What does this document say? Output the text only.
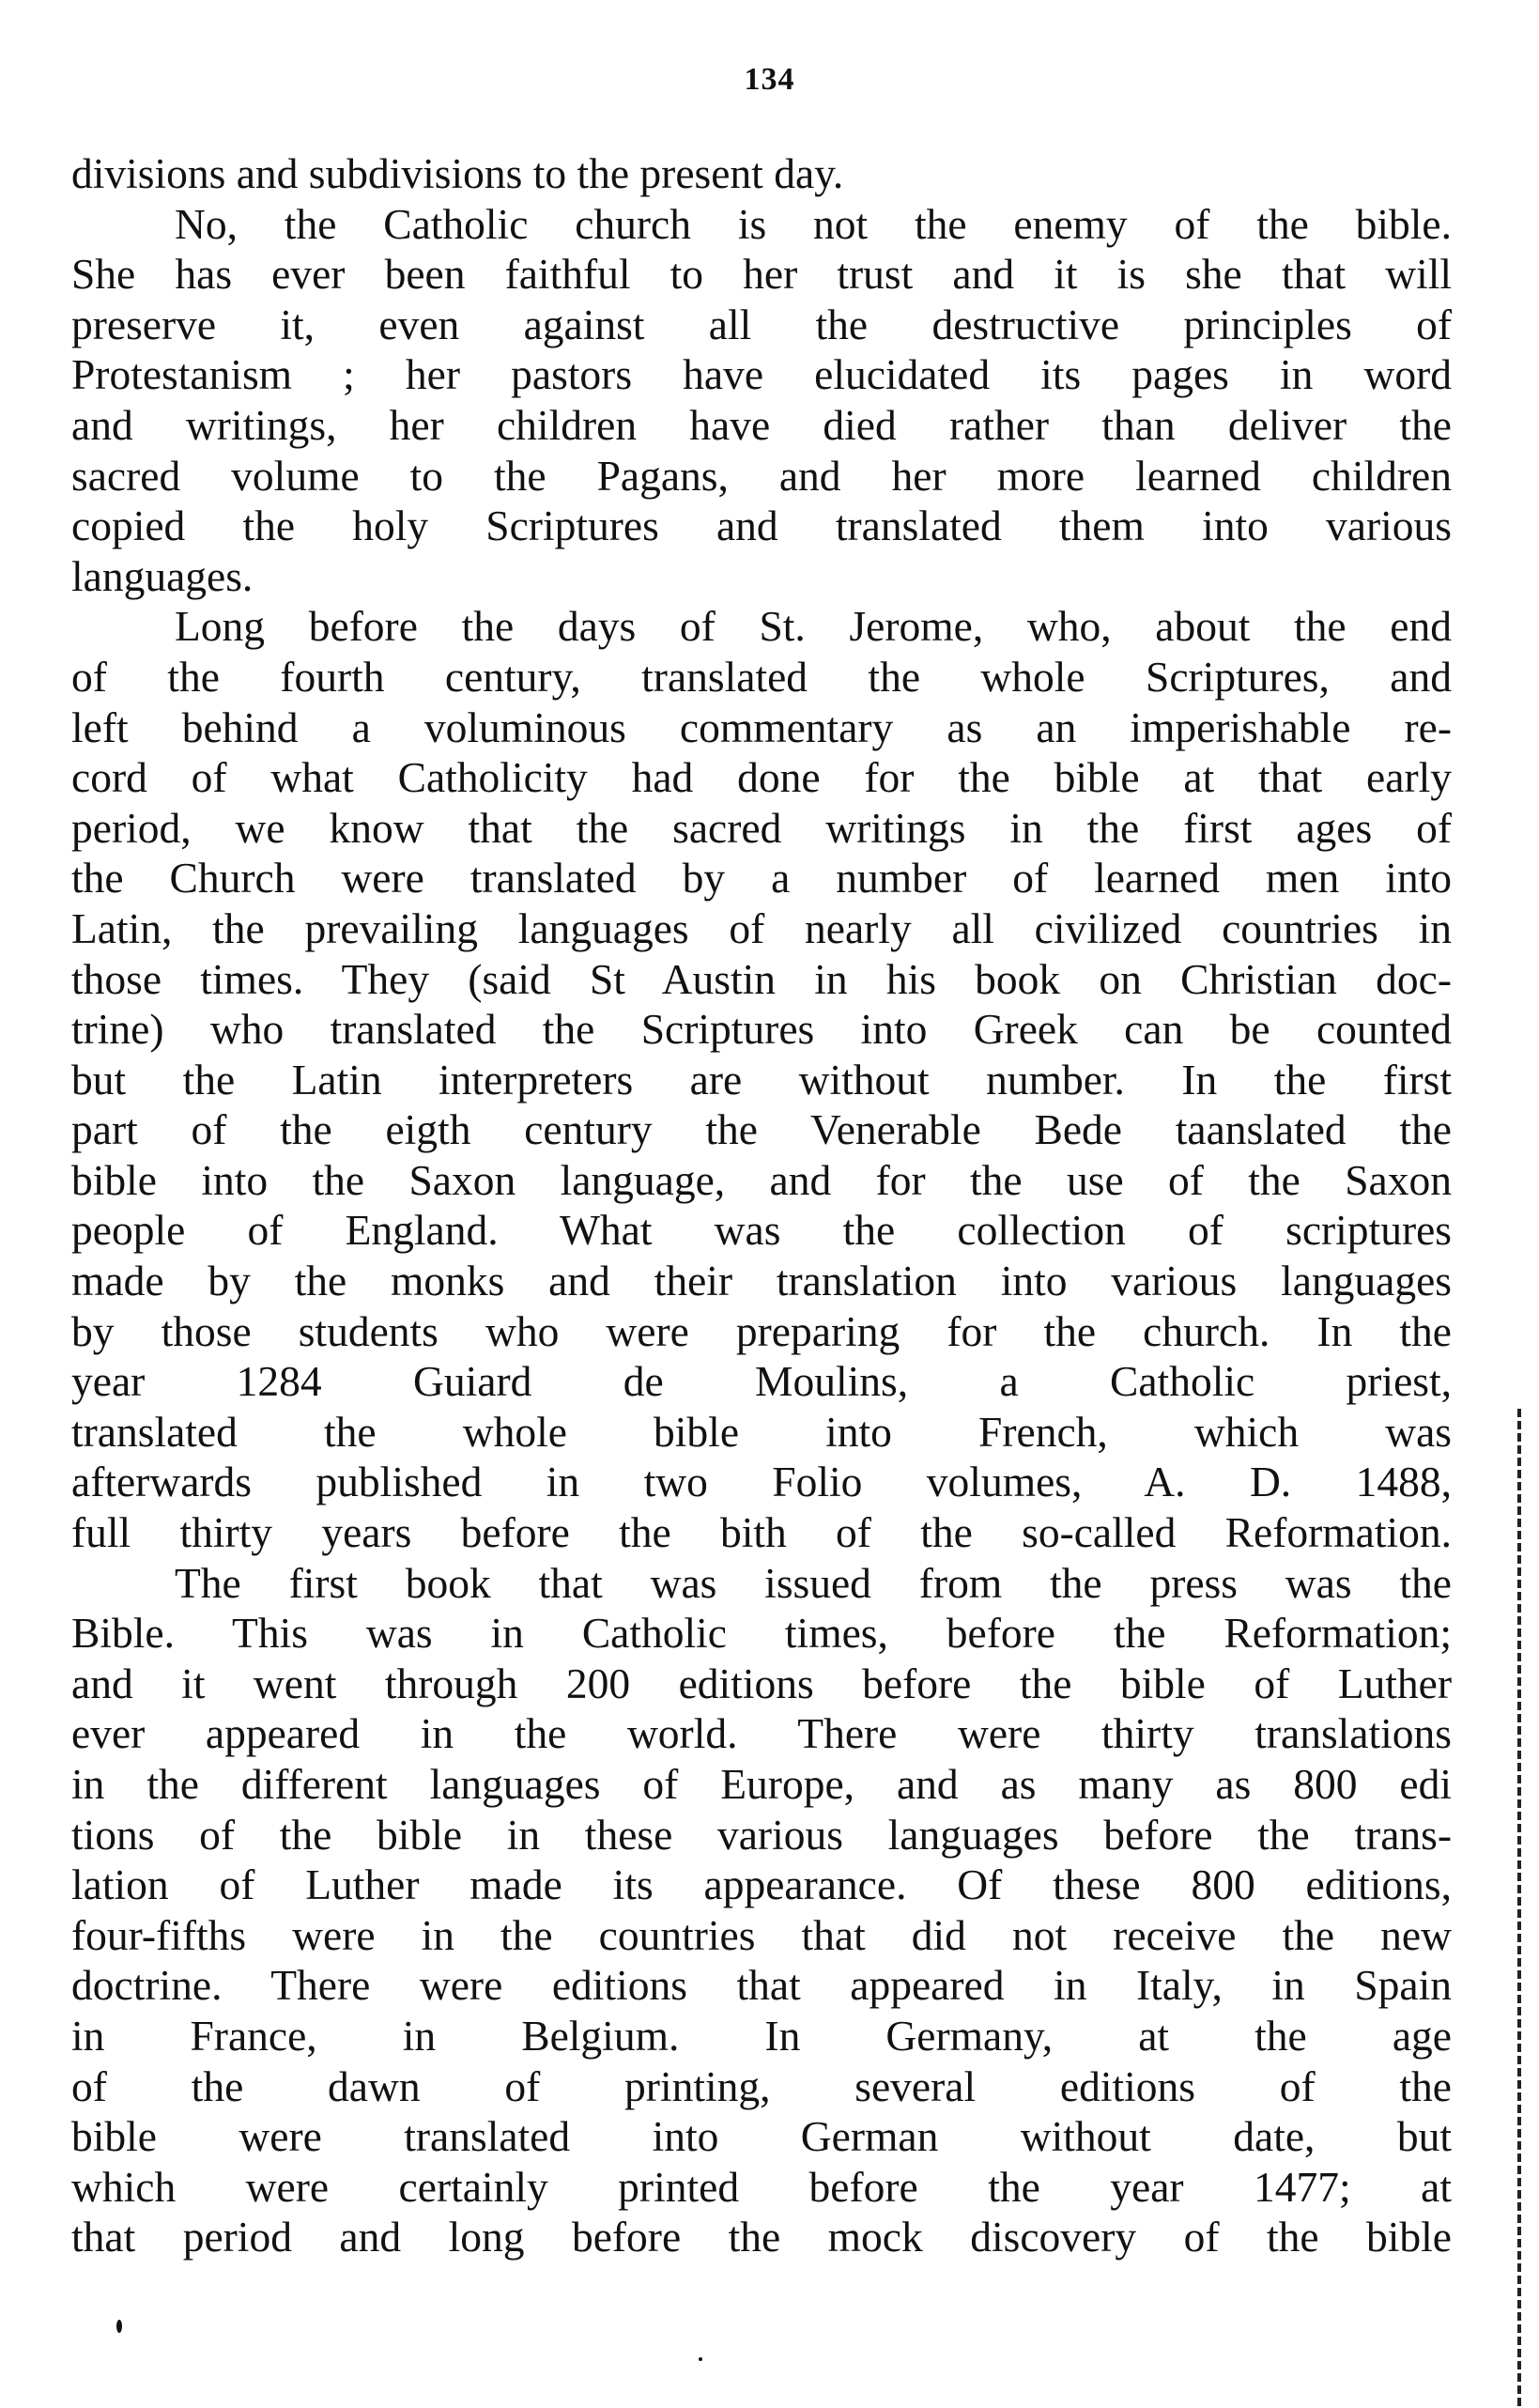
134
divisions and subdivisions to the present day.
No, the Catholic church is not the enemy of the bible.
She has ever been faithful to her trust and it is she that will
preserve it, even against all the destructive principles of
Protestanism ; her pastors have elucidated its pages in word
and writings, her children have died rather than deliver the
sacred volume to the Pagans, and her more learned children
copied the holy Scriptures and translated them into various
languages.
Long before the days of St. Jerome, who, about the end
of the fourth century, translated the whole Scriptures, and
left behind a voluminous commentary as an imperishable re-
cord of what Catholicity had done for the bible at that early
period, we know that the sacred writings in the first ages of
the Church were translated by a number of learned men into
Latin, the prevailing languages of nearly all civilized countries in
those times. They (said St Austin in his book on Christian doc-
trine) who translated the Scriptures into Greek can be counted
but the Latin interpreters are without number. In the first
part of the eigth century the Venerable Bede taanslated the
bible into the Saxon language, and for the use of the Saxon
people of England. What was the collection of scriptures
made by the monks and their translation into various languages
by those students who were preparing for the church. In the
year 1284 Guiard de Moulins, a Catholic priest,
translated the whole bible into French, which was
afterwards published in two Folio volumes, A. D. 1488,
full thirty years before the bith of the so-called Reformation.
The first book that was issued from the press was the
Bible. This was in Catholic times, before the Reformation;
and it went through 200 editions before the bible of Luther
ever appeared in the world. There were thirty translations
in the different languages of Europe, and as many as 800 edi
tions of the bible in these various languages before the trans-
lation of Luther made its appearance. Of these 800 editions,
four-fifths were in the countries that did not receive the new
doctrine. There were editions that appeared in Italy, in Spain
in France, in Belgium. In Germany, at the age
of the dawn of printing, several editions of the
bible were translated into German without date, but
which were certainly printed before the year 1477; at
that period and long before the mock discovery of the bible
